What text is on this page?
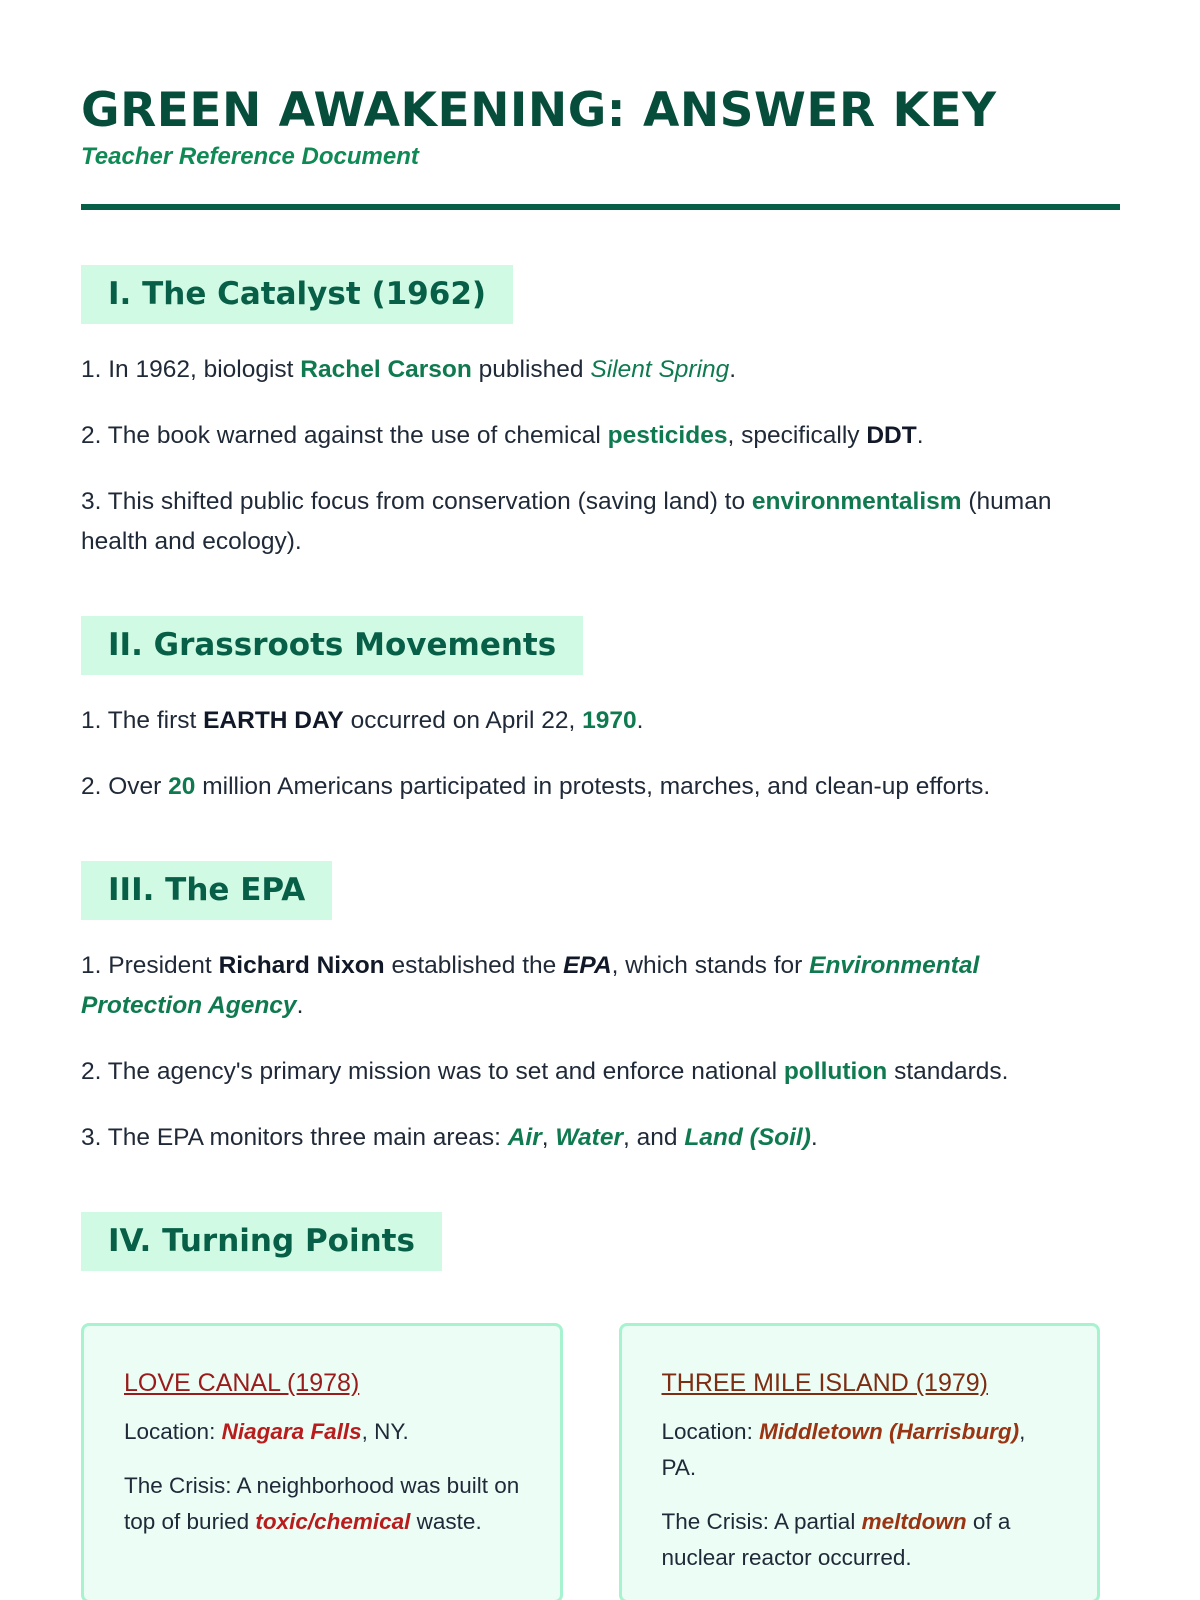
GREEN AWAKENING: ANSWER KEY
Teacher Reference Document
I. The Catalyst (1962)

1. In 1962, biologist Rachel Carson published Silent Spring.

2. The book warned against the use of chemical pesticides, specifically DDT.

3. This shifted public focus from conservation (saving land) to environmentalism (human health and ecology).

II. Grassroots Movements

1. The first EARTH DAY occurred on April 22, 1970.

2. Over 20 million Americans participated in protests, marches, and clean-up efforts.

III. The EPA

1. President Richard Nixon established the EPA, which stands for Environmental Protection Agency.

2. The agency's primary mission was to set and enforce national pollution standards.

3. The EPA monitors three main areas: Air, Water, and Land (Soil).

IV. Turning Points
LOVE CANAL (1978)

Location: Niagara Falls, NY.

The Crisis: A neighborhood was built on top of buried toxic/chemical waste.

THREE MILE ISLAND (1979)

Location: Middletown (Harrisburg), PA.

The Crisis: A partial meltdown of a nuclear reactor occurred.
